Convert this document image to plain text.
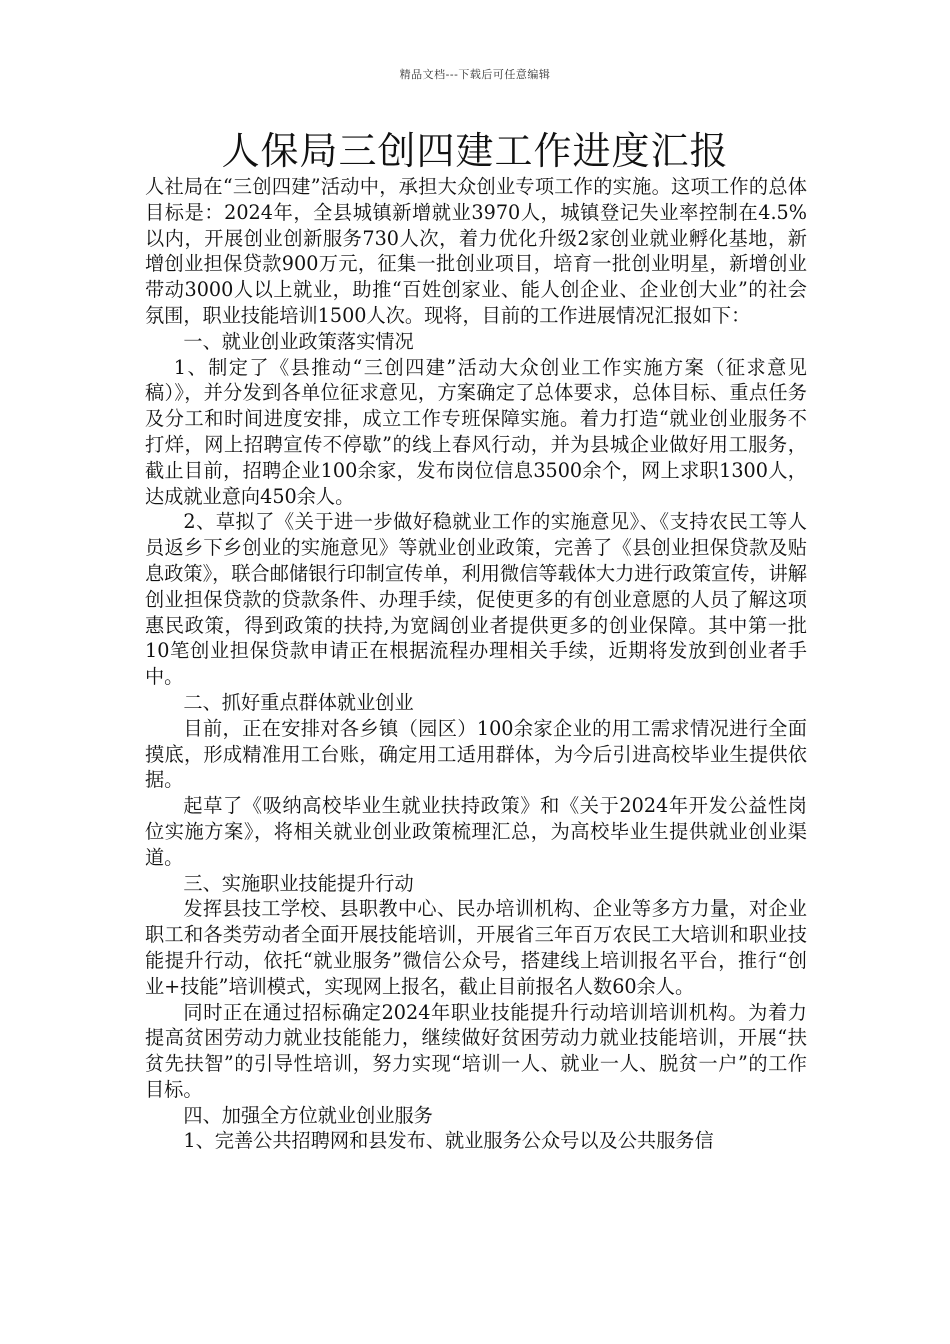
精品文档---下载后可任意编辑
人保局三创四建工作进度汇报

人社局在“三创四建”活动中，承担大众创业专项工作的实施。这项工作的总体目标是：2024年，全县城镇新增就业3970人，城镇登记失业率控制在4.5%以内，开展创业创新服务730人次，着力优化升级2家创业就业孵化基地，新增创业担保贷款900万元，征集一批创业项目，培育一批创业明星，新增创业带动3000人以上就业，助推“百姓创家业、能人创企业、企业创大业”的社会氛围，职业技能培训1500人次。现将，目前的工作进展情况汇报如下：

一、就业创业政策落实情况

1、制定了《县推动“三创四建”活动大众创业工作实施方案（征求意见稿）》，并分发到各单位征求意见，方案确定了总体要求，总体目标、重点任务及分工和时间进度安排，成立工作专班保障实施。着力打造“就业创业服务不打烊，网上招聘宣传不停歇”的线上春风行动，并为县城企业做好用工服务，截止目前，招聘企业100余家，发布岗位信息3500余个，网上求职1300人，达成就业意向450余人。

2、草拟了《关于进一步做好稳就业工作的实施意见》、《支持农民工等人员返乡下乡创业的实施意见》等就业创业政策，完善了《县创业担保贷款及贴息政策》，联合邮储银行印制宣传单，利用微信等载体大力进行政策宣传，讲解创业担保贷款的贷款条件、办理手续，促使更多的有创业意愿的人员了解这项惠民政策，得到政策的扶持,为宽阔创业者提供更多的创业保障。其中第一批10笔创业担保贷款申请正在根据流程办理相关手续，近期将发放到创业者手中。

二、抓好重点群体就业创业

目前，正在安排对各乡镇（园区）100余家企业的用工需求情况进行全面摸底，形成精准用工台账，确定用工适用群体，为今后引进高校毕业生提供依据。

起草了《吸纳高校毕业生就业扶持政策》和《关于2024年开发公益性岗位实施方案》，将相关就业创业政策梳理汇总，为高校毕业生提供就业创业渠道。

三、实施职业技能提升行动

发挥县技工学校、县职教中心、民办培训机构、企业等多方力量，对企业职工和各类劳动者全面开展技能培训，开展省三年百万农民工大培训和职业技能提升行动，依托“就业服务”微信公众号，搭建线上培训报名平台，推行“创业+技能”培训模式，实现网上报名，截止目前报名人数60余人。

同时正在通过招标确定2024年职业技能提升行动培训培训机构。为着力提高贫困劳动力就业技能能力，继续做好贫困劳动力就业技能培训，开展“扶贫先扶智”的引导性培训，努力实现“培训一人、就业一人、脱贫一户”的工作目标。

四、加强全方位就业创业服务

1、完善公共招聘网和县发布、就业服务公众号以及公共服务信
